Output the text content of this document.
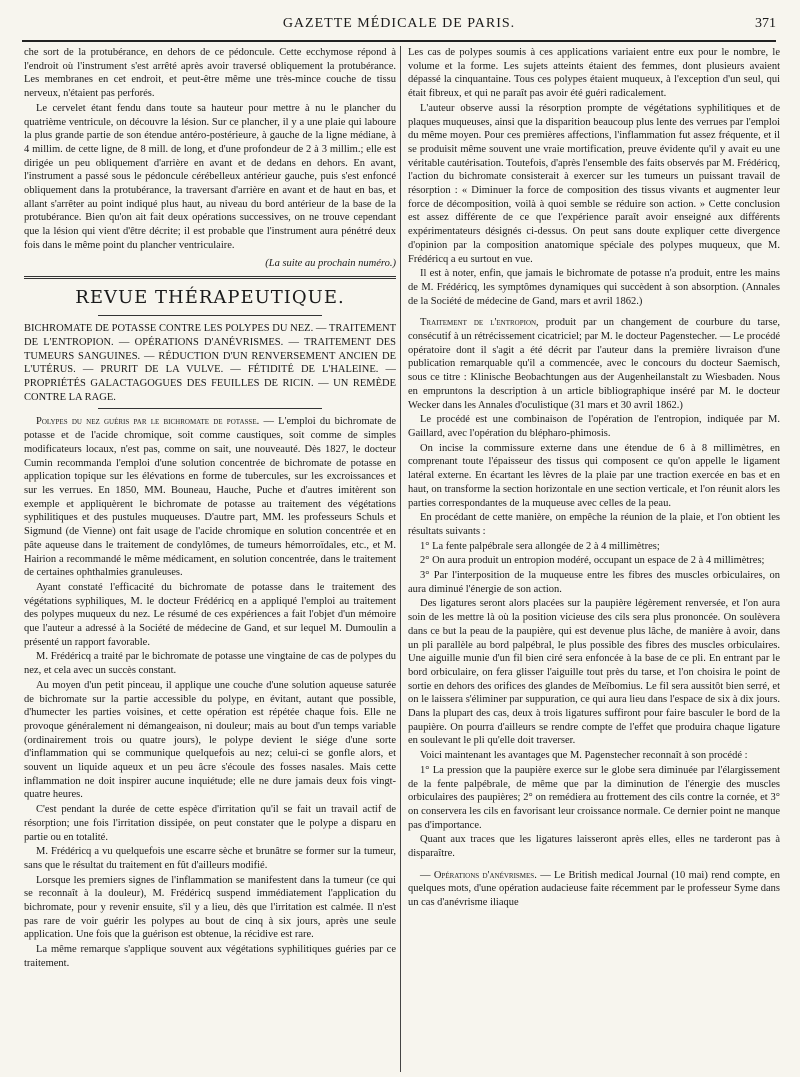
GAZETTE MÉDICALE DE PARIS.	371

che sort de la protubérance, en dehors de ce pédoncule. Cette ecchymose répond à l'endroit où l'instrument s'est arrêté après avoir traversé obliquement la protubérance. Les membranes en cet endroit, et peut-être même une très-mince couche de tissu nerveux, n'étaient pas perforés.

Le cervelet étant fendu dans toute sa hauteur pour mettre à nu le plancher du quatrième ventricule, on découvre la lésion. Sur ce plancher, il y a une plaie qui laboure la plus grande partie de son étendue antéro-postérieure, à gauche de la ligne médiane, à 4 millim. de cette ligne, de 8 mill. de long, et d'une profondeur de 2 à 3 millim.; elle est dirigée un peu obliquement d'arrière en avant et de dedans en dehors. En avant, l'instrument a passé sous le pédoncule cérébelleux antérieur gauche, puis s'est enfoncé obliquement dans la protubérance, la traversant d'arrière en avant et de haut en bas, et allant s'arrêter au point indiqué plus haut, au niveau du bord antérieur de la base de la protubérance. Bien qu'on ait fait deux opérations successives, on ne trouve cependant que la lésion qui vient d'être décrite; il est probable que l'instrument aura pénétré deux fois dans le même point du plancher ventriculaire.

(La suite au prochain numéro.)
REVUE THÉRAPEUTIQUE.

BICHROMATE DE POTASSE CONTRE LES POLYPES DU NEZ. — TRAITEMENT DE L'ENTROPION. — OPÉRATIONS D'ANÉVRISMES. — TRAITEMENT DES TUMEURS SANGUINES. — RÉDUCTION D'UN RENVERSEMENT ANCIEN DE L'UTÉRUS. — PRURIT DE LA VULVE. — FÉTIDITÉ DE L'HALEINE. — PROPRIÉTÉS GALACTAGOGUES DES FEUILLES DE RICIN. — UN REMÈDE CONTRE LA RAGE.

Polypes du nez guéris par le bichromate de potasse. — L'emploi du bichromate de potasse et de l'acide chromique, soit comme caustiques, soit comme de simples modificateurs locaux, n'est pas, comme on sait, une nouveauté. Dès 1827, le docteur Cumin recommanda l'emploi d'une solution concentrée de bichromate de potasse en application topique sur les élévations en forme de tubercules, sur les excroissances et sur les verrues. En 1850, MM. Bouneau, Hauche, Puche et d'autres imitèrent son exemple et appliquèrent le bichromate de potasse au traitement des végétations syphilitiques et des pustules muqueuses. D'autre part, MM. les professeurs Schuls et Sigmund (de Vienne) ont fait usage de l'acide chromique en solution concentrée et en pâte aqueuse dans le traitement de condylômes, de tumeurs hémorroïdales, etc., et M. Hairion a recommandé le même médicament, en solution concentrée, dans le traitement de certaines ophthalmies granuleuses.

Ayant constaté l'efficacité du bichromate de potasse dans le traitement des végétations syphiliques, M. le docteur Frédéricq en a appliqué l'emploi au traitement des polypes muqueux du nez. Le résumé de ces expériences a fait l'objet d'un mémoire que l'auteur a adressé à la Société de médecine de Gand, et sur lequel M. Dumoulin a présenté un rapport favorable.

M. Frédéricq a traité par le bichromate de potasse une vingtaine de cas de polypes du nez, et cela avec un succès constant.

Au moyen d'un petit pinceau, il applique une couche d'une solution aqueuse saturée de bichromate sur la partie accessible du polype, en évitant, autant que possible, d'humecter les parties voisines, et cette opération est répétée chaque fois. Elle ne provoque généralement ni démangeaison, ni douleur; mais au bout d'un temps variable (ordinairement trois ou quatre jours), le polype devient le siége d'une sorte d'inflammation qui se communique quelquefois au nez; celui-ci se gonfle alors, et souvent un liquide aqueux et un peu âcre s'écoule des fosses nasales. Mais cette inflammation ne doit inspirer aucune inquiétude; elle ne dure jamais deux fois vingt-quatre heures.

C'est pendant la durée de cette espèce d'irritation qu'il se fait un travail actif de résorption; une fois l'irritation dissipée, on peut constater que le polype a disparu en partie ou en totalité.

M. Frédéricq a vu quelquefois une escarre sèche et brunâtre se former sur la tumeur, sans que le résultat du traitement en fût d'ailleurs modifié.

Lorsque les premiers signes de l'inflammation se manifestent dans la tumeur (ce qui se reconnaît à la douleur), M. Frédéricq suspend immédiatement l'application du bichromate, pour y revenir ensuite, s'il y a lieu, dès que l'irritation est calmée. Il n'est pas rare de voir guérir les polypes au bout de cinq à six jours, après une seule application. Une fois que la guérison est obtenue, la récidive est rare.

La même remarque s'applique souvent aux végétations syphilitiques guéries par ce traitement.

Les cas de polypes soumis à ces applications variaient entre eux pour le nombre, le volume et la forme. Les sujets atteints étaient des femmes, dont plusieurs avaient dépassé la cinquantaine. Tous ces polypes étaient muqueux, à l'exception d'un seul, qui était fibreux, et qui ne paraît pas avoir été guéri radicalement.

L'auteur observe aussi la résorption prompte de végétations syphilitiques et de plaques muqueuses, ainsi que la disparition beaucoup plus lente des verrues par l'emploi du même moyen. Pour ces premières affections, l'inflammation fut assez fréquente, et il se produisit même souvent une vraie mortification, preuve évidente qu'il y avait eu une véritable cautérisation. Toutefois, d'après l'ensemble des faits observés par M. Frédéricq, l'action du bichromate consisterait à exercer sur les tumeurs un puissant travail de résorption : « Diminuer la force de composition des tissus vivants et augmenter leur force de décomposition, voilà à quoi semble se réduire son action. » Cette conclusion est assez différente de ce que l'expérience paraît avoir enseigné aux différents expérimentateurs désignés ci-dessus. On peut sans doute expliquer cette divergence d'opinion par la composition anatomique spéciale des polypes muqueux, que M. Frédéricq a eu surtout en vue.

Il est à noter, enfin, que jamais le bichromate de potasse n'a produit, entre les mains de M. Frédéricq, les symptômes dynamiques qui succèdent à son absorption. (Annales de la Société de médecine de Gand, mars et avril 1862.)

Traitement de l'entropion, produit par un changement de courbure du tarse, consécutif à un rétrécissement cicatriciel; par M. le docteur Pagenstecher. — Le procédé opératoire dont il s'agit a été décrit par l'auteur dans la première livraison d'une publication remarquable qu'il a commencée, avec le concours du docteur Saemisch, sous ce titre : Klinische Beobachtungen aus der Augenheilanstalt zu Wiesbaden. Nous en empruntons la description à un article bibliographique inséré par M. le docteur Wecker dans les Annales d'oculistique (31 mars et 30 avril 1862.)

Le procédé est une combinaison de l'opération de l'entropion, indiquée par M. Gaillard, avec l'opération du blépharo-phimosis.

On incise la commissure externe dans une étendue de 6 à 8 millimètres, en comprenant toute l'épaisseur des tissus qui composent ce qu'on appelle le ligament latéral externe. En écartant les lèvres de la plaie par une traction exercée en bas et en haut, on transforme la section horizontale en une section verticale, et l'on réunit alors les parties correspondantes de la muqueuse avec celles de la peau.

En procédant de cette manière, on empêche la réunion de la plaie, et l'on obtient les résultats suivants :

1° La fente palpébrale sera allongée de 2 à 4 millimètres;

2° On aura produit un entropion modéré, occupant un espace de 2 à 4 millimètres;

3° Par l'interposition de la muqueuse entre les fibres des muscles orbiculaires, on aura diminué l'énergie de son action.

Des ligatures seront alors placées sur la paupière légèrement renversée, et l'on aura soin de les mettre là où la position vicieuse des cils sera plus prononcée. On soulèvera dans ce but la peau de la paupière, qui est devenue plus lâche, de manière à avoir, dans un pli parallèle au bord palpébral, le plus possible des fibres des muscles orbiculaires. Une aiguille munie d'un fil bien ciré sera enfoncée à la base de ce pli. En entrant par le bord orbiculaire, on fera glisser l'aiguille tout près du tarse, et l'on choisira le point de sortie en dehors des orifices des glandes de Meïbomius. Le fil sera aussitôt bien serré, et on le laissera s'éliminer par suppuration, ce qui aura lieu dans l'espace de six à dix jours. Dans la plupart des cas, deux à trois ligatures suffiront pour faire basculer le bord de la paupière. On pourra d'ailleurs se rendre compte de l'effet que produira chaque ligature en soulevant le pli qu'elle doit traverser.

Voici maintenant les avantages que M. Pagenstecher reconnaît à son procédé :

1° La pression que la paupière exerce sur le globe sera diminuée par l'élargissement de la fente palpébrale, de même que par la diminution de l'énergie des muscles orbiculaires des paupières; 2° on remédiera au frottement des cils contre la cornée, et 3° on conservera les cils en favorisant leur croissance normale. Ce dernier point ne manque pas d'importance.

Quant aux traces que les ligatures laisseront après elles, elles ne tarderont pas à disparaître.

— Opérations d'anévrismes. — Le British medical Journal (10 mai) rend compte, en quelques mots, d'une opération audacieuse faite récemment par le professeur Syme dans un cas d'anévrisme iliaque
